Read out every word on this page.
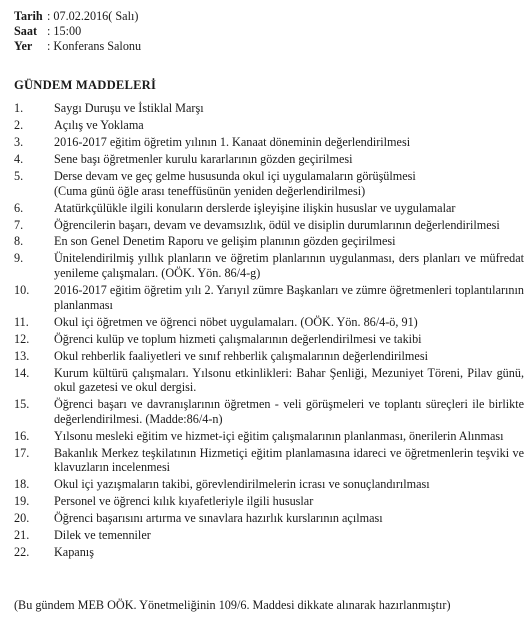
Tarih : 07.02.2016( Salı)
Saat : 15:00
Yer : Konferans Salonu
GÜNDEM MADDELERİ
1.	Saygı Duruşu ve İstiklal Marşı
2.	Açılış ve Yoklama
3.	2016-2017 eğitim öğretim yılının 1. Kanaat döneminin değerlendirilmesi
4.	Sene başı öğretmenler kurulu kararlarının gözden geçirilmesi
5.	Derse devam ve geç gelme hususunda okul içi uygulamaların görüşülmesi
(Cuma günü öğle arası teneffüsünün yeniden değerlendirilmesi)
6.	Atatürkçülükle ilgili konuların derslerde işleyişine ilişkin hususlar ve uygulamalar
7.	Öğrencilerin başarı, devam ve devamsızlık, ödül ve disiplin durumlarının değerlendirilmesi
8.	En son Genel Denetim Raporu ve gelişim planının gözden geçirilmesi
9.	Ünitelendirilmiş yıllık planların ve öğretim planlarının uygulanması, ders planları ve müfredat yenileme çalışmaları. (OÖK. Yön. 86/4-g)
10. 2016-2017 eğitim öğretim yılı 2. Yarıyıl zümre Başkanları ve zümre öğretmenleri toplantılarının planlanması
11. Okul içi öğretmen ve öğrenci nöbet uygulamaları. (OÖK. Yön. 86/4-ö, 91)
12. Öğrenci kulüp ve toplum hizmeti çalışmalarının değerlendirilmesi ve takibi
13. Okul rehberlik faaliyetleri ve sınıf rehberlik çalışmalarının değerlendirilmesi
14. Kurum kültürü çalışmaları. Yılsonu etkinlikleri: Bahar Şenliği, Mezuniyet Töreni, Pilav günü, okul gazetesi ve okul dergisi.
15. Öğrenci başarı ve davranışlarının öğretmen - veli görüşmeleri ve toplantı süreçleri ile birlikte değerlendirilmesi. (Madde:86/4-n)
16. Yılsonu mesleki eğitim ve hizmet-içi eğitim çalışmalarının planlanması, önerilerin Alınması
17. Bakanlık Merkez teşkilatının Hizmetiçi eğitim planlamasına idareci ve öğretmenlerin teşviki ve klavuzların incelenmesi
18. Okul içi yazışmaların takibi, görevlendirilmelerin icrası ve sonuçlandırılması
19. Personel ve öğrenci kılık kıyafetleriyle ilgili hususlar
20. Öğrenci başarısını artırma ve sınavlara hazırlık kurslarının açılması
21. Dilek ve temenniler
22. Kapanış
(Bu gündem MEB OÖK. Yönetmeliğinin 109/6. Maddesi dikkate alınarak hazırlanmıştır)
